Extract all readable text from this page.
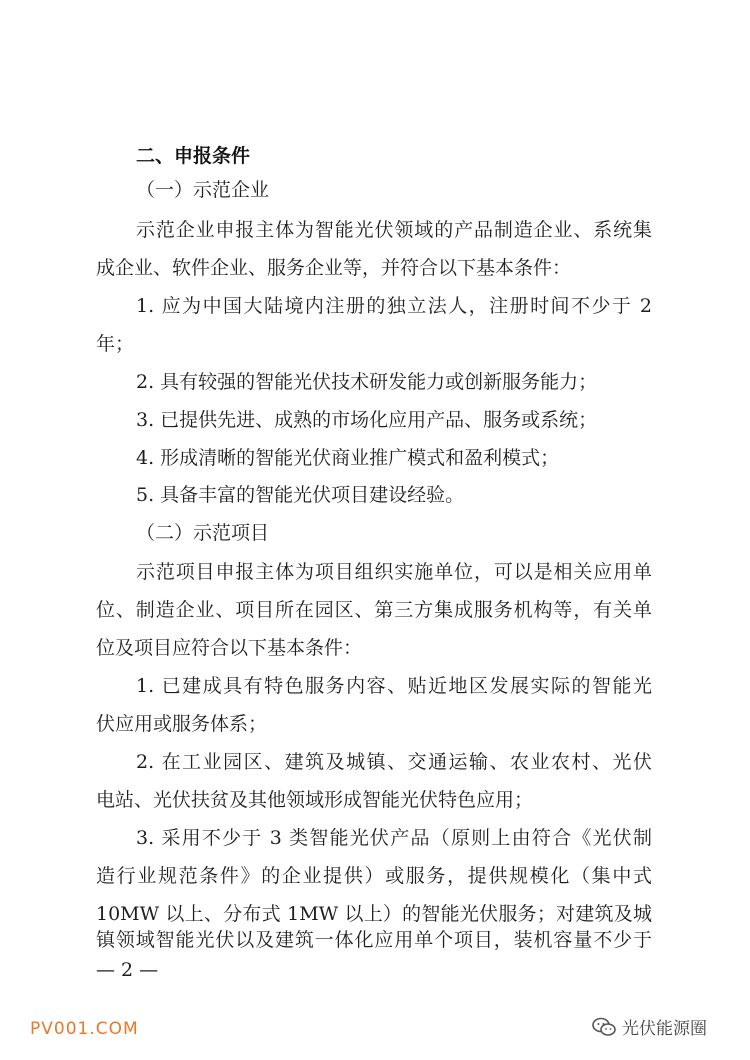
二、申报条件
（一）示范企业
示范企业申报主体为智能光伏领域的产品制造企业、系统集
成企业、软件企业、服务企业等，并符合以下基本条件：
1. 应为中国大陆境内注册的独立法人，注册时间不少于 2
年；
2. 具有较强的智能光伏技术研发能力或创新服务能力；
3. 已提供先进、成熟的市场化应用产品、服务或系统；
4. 形成清晰的智能光伏商业推广模式和盈利模式；
5. 具备丰富的智能光伏项目建设经验。
（二）示范项目
示范项目申报主体为项目组织实施单位，可以是相关应用单
位、制造企业、项目所在园区、第三方集成服务机构等，有关单
位及项目应符合以下基本条件：
1. 已建成具有特色服务内容、贴近地区发展实际的智能光
伏应用或服务体系；
2. 在工业园区、建筑及城镇、交通运输、农业农村、光伏
电站、光伏扶贫及其他领域形成智能光伏特色应用；
3. 采用不少于 3 类智能光伏产品（原则上由符合《光伏制
造行业规范条件》的企业提供）或服务，提供规模化（集中式
10MW 以上、分布式 1MW 以上）的智能光伏服务；对建筑及城
镇领域智能光伏以及建筑一体化应用单个项目，装机容量不少于
— 2 —
PV001.COM	光伏能源圈
